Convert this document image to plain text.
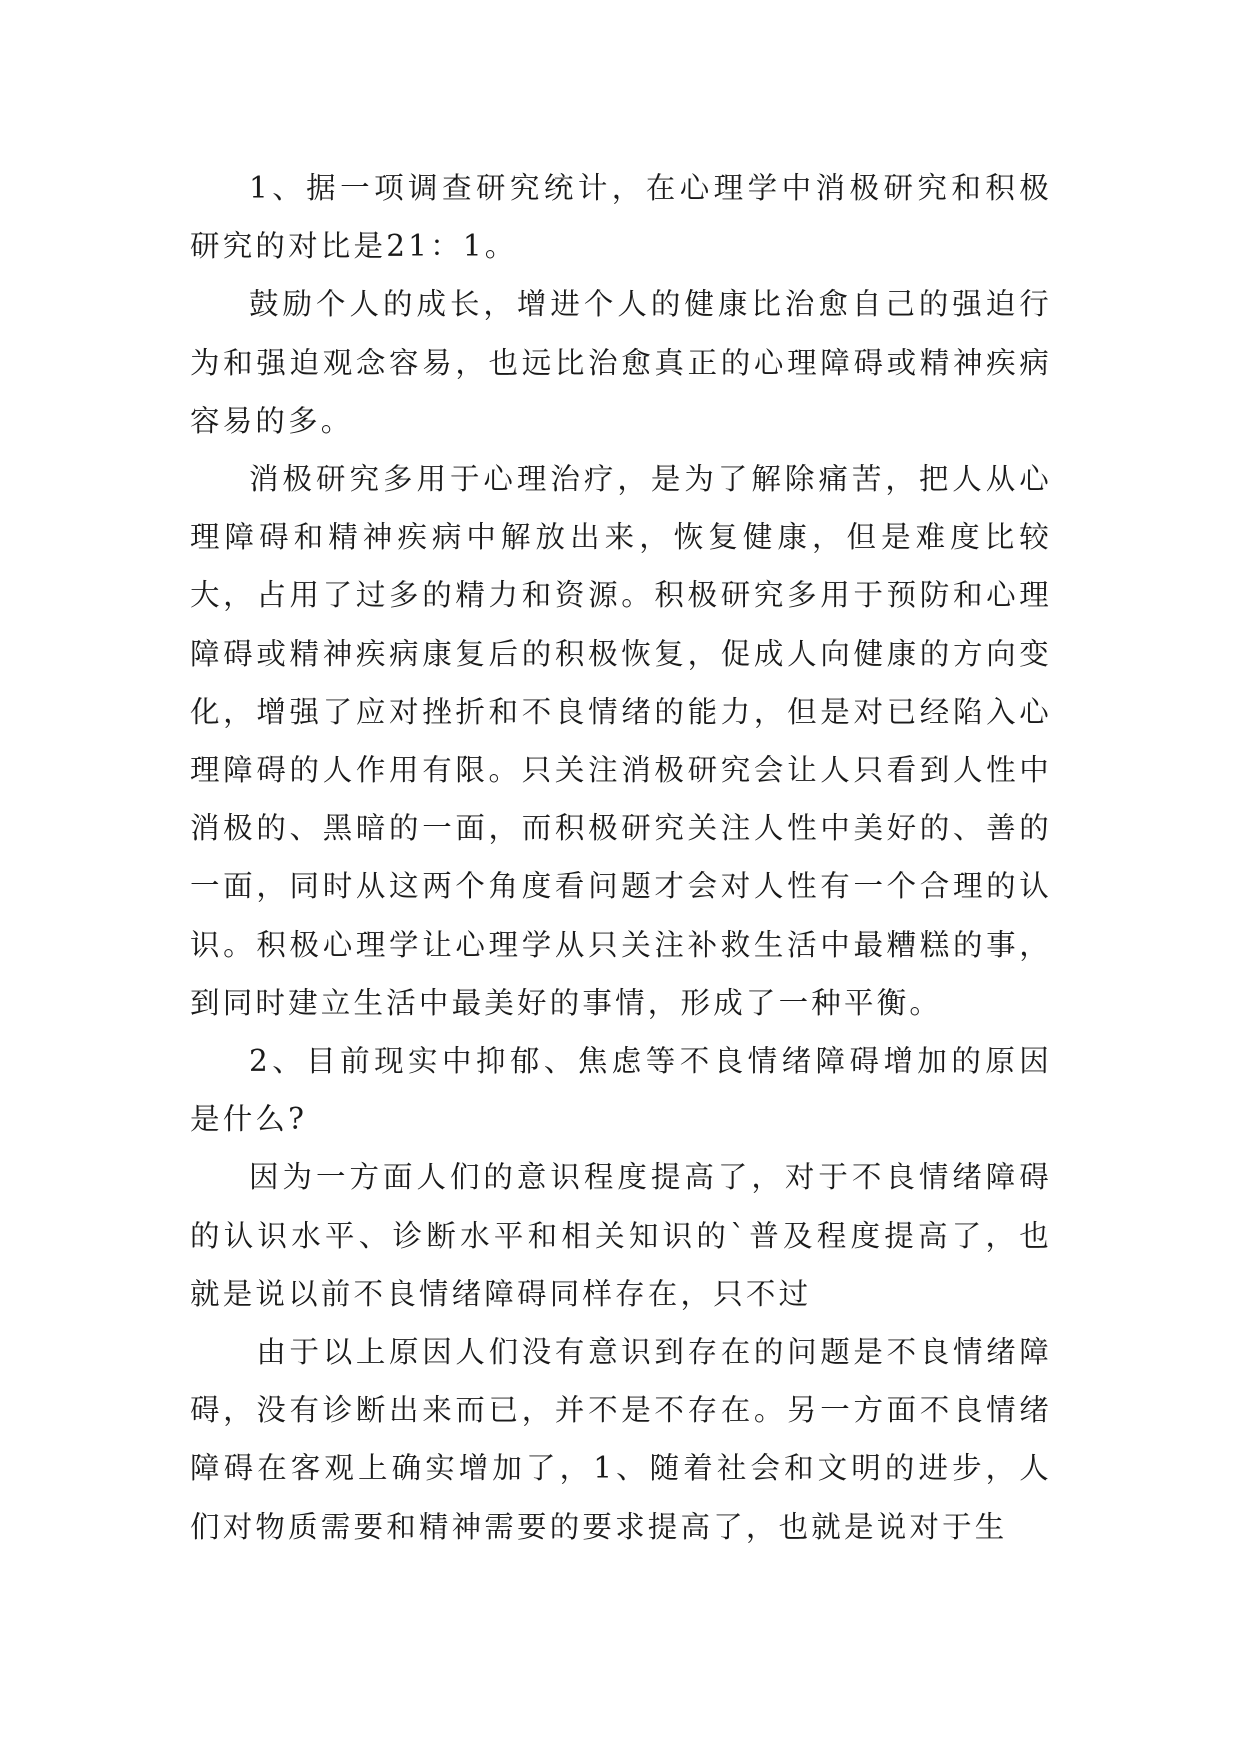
1、据一项调查研究统计，在心理学中消极研究和积极研究的对比是21：1。

鼓励个人的成长，增进个人的健康比治愈自己的强迫行为和强迫观念容易，也远比治愈真正的心理障碍或精神疾病容易的多。

消极研究多用于心理治疗，是为了解除痛苦，把人从心理障碍和精神疾病中解放出来，恢复健康，但是难度比较大，占用了过多的精力和资源。积极研究多用于预防和心理障碍或精神疾病康复后的积极恢复，促成人向健康的方向变化，增强了应对挫折和不良情绪的能力，但是对已经陷入心理障碍的人作用有限。只关注消极研究会让人只看到人性中消极的、黑暗的一面，而积极研究关注人性中美好的、善的一面，同时从这两个角度看问题才会对人性有一个合理的认识。积极心理学让心理学从只关注补救生活中最糟糕的事，到同时建立生活中最美好的事情，形成了一种平衡。

2、目前现实中抑郁、焦虑等不良情绪障碍增加的原因是什么?

因为一方面人们的意识程度提高了，对于不良情绪障碍的认识水平、诊断水平和相关知识的`普及程度提高了，也就是说以前不良情绪障碍同样存在，只不过

由于以上原因人们没有意识到存在的问题是不良情绪障碍，没有诊断出来而已，并不是不存在。另一方面不良情绪障碍在客观上确实增加了，1、随着社会和文明的进步，人们对物质需要和精神需要的要求提高了，也就是说对于生
